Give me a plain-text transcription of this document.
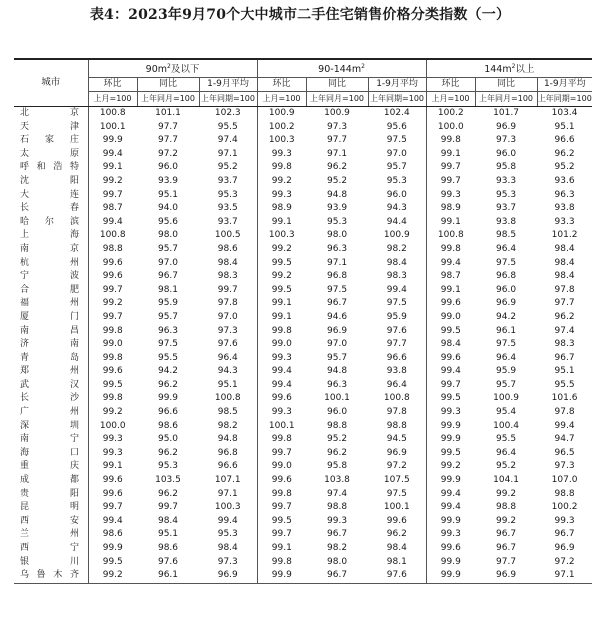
表4：2023年9月70个大中城市二手住宅销售价格分类指数（一）
城市	$90m^2$及以下			$90-144m^2$			$144m^2$以上		
	环比	同比	1-9月平均	环比	同比	1-9月平均	环比	同比	1-9月平均
	上月=100	上年同月=100	上年同期=100	上月=100	上年同月=100	上年同期=100	上月=100	上年同月=100	上年同期=100
北京	100.8	101.1	102.3	100.9	100.9	102.4	100.2	101.7	103.4
天津	100.1	97.7	95.5	100.2	97.3	95.6	100.0	96.9	95.1
石家庄	99.9	97.7	97.4	100.3	97.7	97.5	99.8	97.3	96.6
太原	99.4	97.2	97.1	99.3	97.1	97.0	99.1	96.0	96.2
呼和浩特	99.1	96.0	95.2	99.8	96.2	95.7	99.7	95.8	95.2
沈阳	99.2	93.9	93.7	99.2	95.2	95.3	99.7	93.3	93.6
大连	99.7	95.1	95.3	99.3	94.8	96.0	99.3	95.3	96.3
长春	98.7	94.0	93.5	98.9	93.9	94.3	98.9	93.7	93.8
哈尔滨	99.4	95.6	93.7	99.1	95.3	94.4	99.1	93.8	93.3
上海	100.8	98.0	100.5	100.3	98.0	100.9	100.8	98.5	101.2
南京	98.8	95.7	98.6	99.2	96.3	98.2	99.8	96.4	98.4
杭州	99.6	97.0	98.4	99.5	97.1	98.4	99.4	97.5	98.4
宁波	99.6	96.7	98.3	99.2	96.8	98.3	98.7	96.8	98.4
合肥	99.7	98.1	99.7	99.5	97.5	99.4	99.1	96.0	97.8
福州	99.2	95.9	97.8	99.1	96.7	97.5	99.6	96.9	97.7
厦门	99.7	95.7	97.0	99.1	94.6	95.9	99.0	94.2	96.2
南昌	99.8	96.3	97.3	99.8	96.9	97.6	99.5	96.1	97.4
济南	99.0	97.5	97.6	99.0	97.0	97.7	98.4	97.5	98.3
青岛	99.8	95.5	96.4	99.3	95.7	96.6	99.6	96.4	96.7
郑州	99.6	94.2	94.3	99.4	94.8	93.8	99.4	95.9	95.1
武汉	99.5	96.2	95.1	99.4	96.3	96.4	99.7	95.7	95.5
长沙	99.8	99.9	100.8	99.6	100.1	100.8	99.5	100.9	101.6
广州	99.2	96.6	98.5	99.3	96.0	97.8	99.3	95.4	97.8
深圳	100.0	98.6	98.2	100.1	98.8	98.8	99.9	100.4	99.4
南宁	99.3	95.0	94.8	99.8	95.2	94.5	99.9	95.5	94.7
海口	99.3	96.2	96.8	99.7	96.2	96.9	99.5	96.4	96.5
重庆	99.1	95.3	96.6	99.0	95.8	97.2	99.2	95.2	97.3
成都	99.6	103.5	107.1	99.6	103.8	107.5	99.9	104.1	107.0
贵阳	99.6	96.2	97.1	99.8	97.4	97.5	99.4	99.2	98.8
昆明	99.7	99.7	100.3	99.7	98.8	100.1	99.4	98.8	100.2
西安	99.4	98.4	99.4	99.5	99.3	99.6	99.9	99.2	99.3
兰州	98.6	95.1	95.3	99.7	96.7	96.2	99.3	96.7	96.7
西宁	99.9	98.6	98.4	99.1	98.2	98.4	99.6	96.7	96.9
银川	99.5	97.6	97.3	99.8	98.0	98.1	99.9	97.7	97.2
乌鲁木齐	99.2	96.1	96.9	99.9	96.7	97.6	99.9	96.9	97.1
